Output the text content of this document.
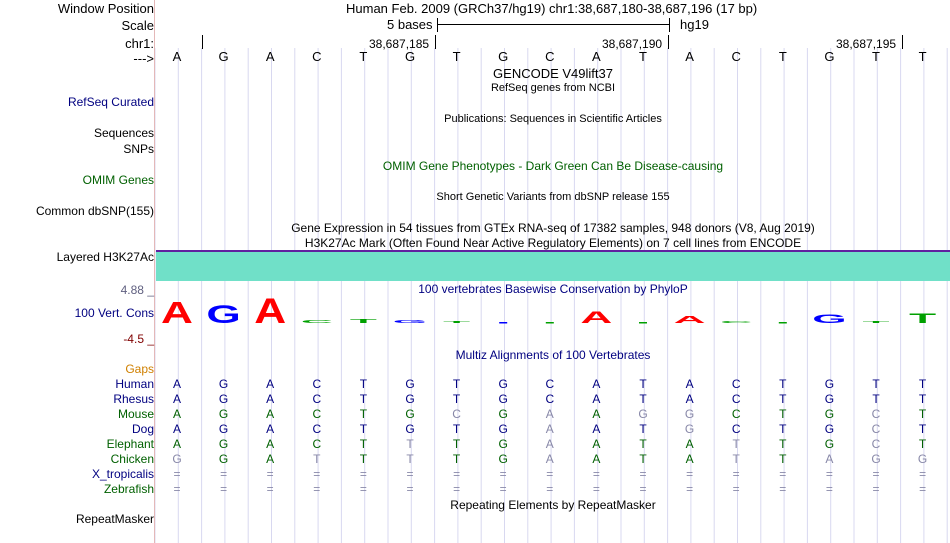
Window Position	Human Feb. 2009 (GRCh37/hg19) chr1:38,687,180-38,687,196 (17 bp)
Scale	5 bases	hg19
chr1:	38,687,185	38,687,190	38,687,195
---> A	G	A	C	T	G	T	G	C	A	T	A	C	T	G	T	T
GENCODE V49lift37
RefSeq genes from NCBI
RefSeq Curated
Publications: Sequences in Scientific Articles
Sequences
SNPs
OMIM Gene Phenotypes - Dark Green Can Be Disease-causing
OMIM Genes
Short Genetic Variants from dbSNP release 155
Common dbSNP(155)
Gene Expression in 54 tissues from GTEx RNA-seq of 17382 samples, 948 donors (V8, Aug 2019)
H3K27Ac Mark (Often Found Near Active Regulatory Elements) on 7 cell lines from ENCODE
Layered H3K27Ac
4.88 _	100 vertebrates Basewise Conservation by PhyloP
100 Vert. Cons
-4.5 _
A G A C T G T	A A C G T T
Multiz Alignments of 100 Vertebrates
Gaps
Human A	G	A	C	T	G	T	G	C	A	T	A	C	T	G	T	T
Rhesus A	G	A	C	T	G	T	G	C	A	T	A	C	T	G	T	T
Mouse A	G	A	C	T	G	C	G	A	A	G	G	C	T	G	C	T
Dog A	G	A	C	T	G	T	G	A	A	T	G	C	T	G	C	T
Elephant A	G	A	C	T	T	T	G	A	A	T	A	T	T	G	C	T
Chicken G	G	A	T	T	T	T	G	A	A	T	A	T	T	A	G	G
X_tropicalis =	=	=	=	=	=	=	=	=	=	=	=	=	=	=	=	=
Zebrafish =	=	=	=	=	=	=	=	=	=	=	=	=	=	=	=	=
Repeating Elements by RepeatMasker
RepeatMasker
